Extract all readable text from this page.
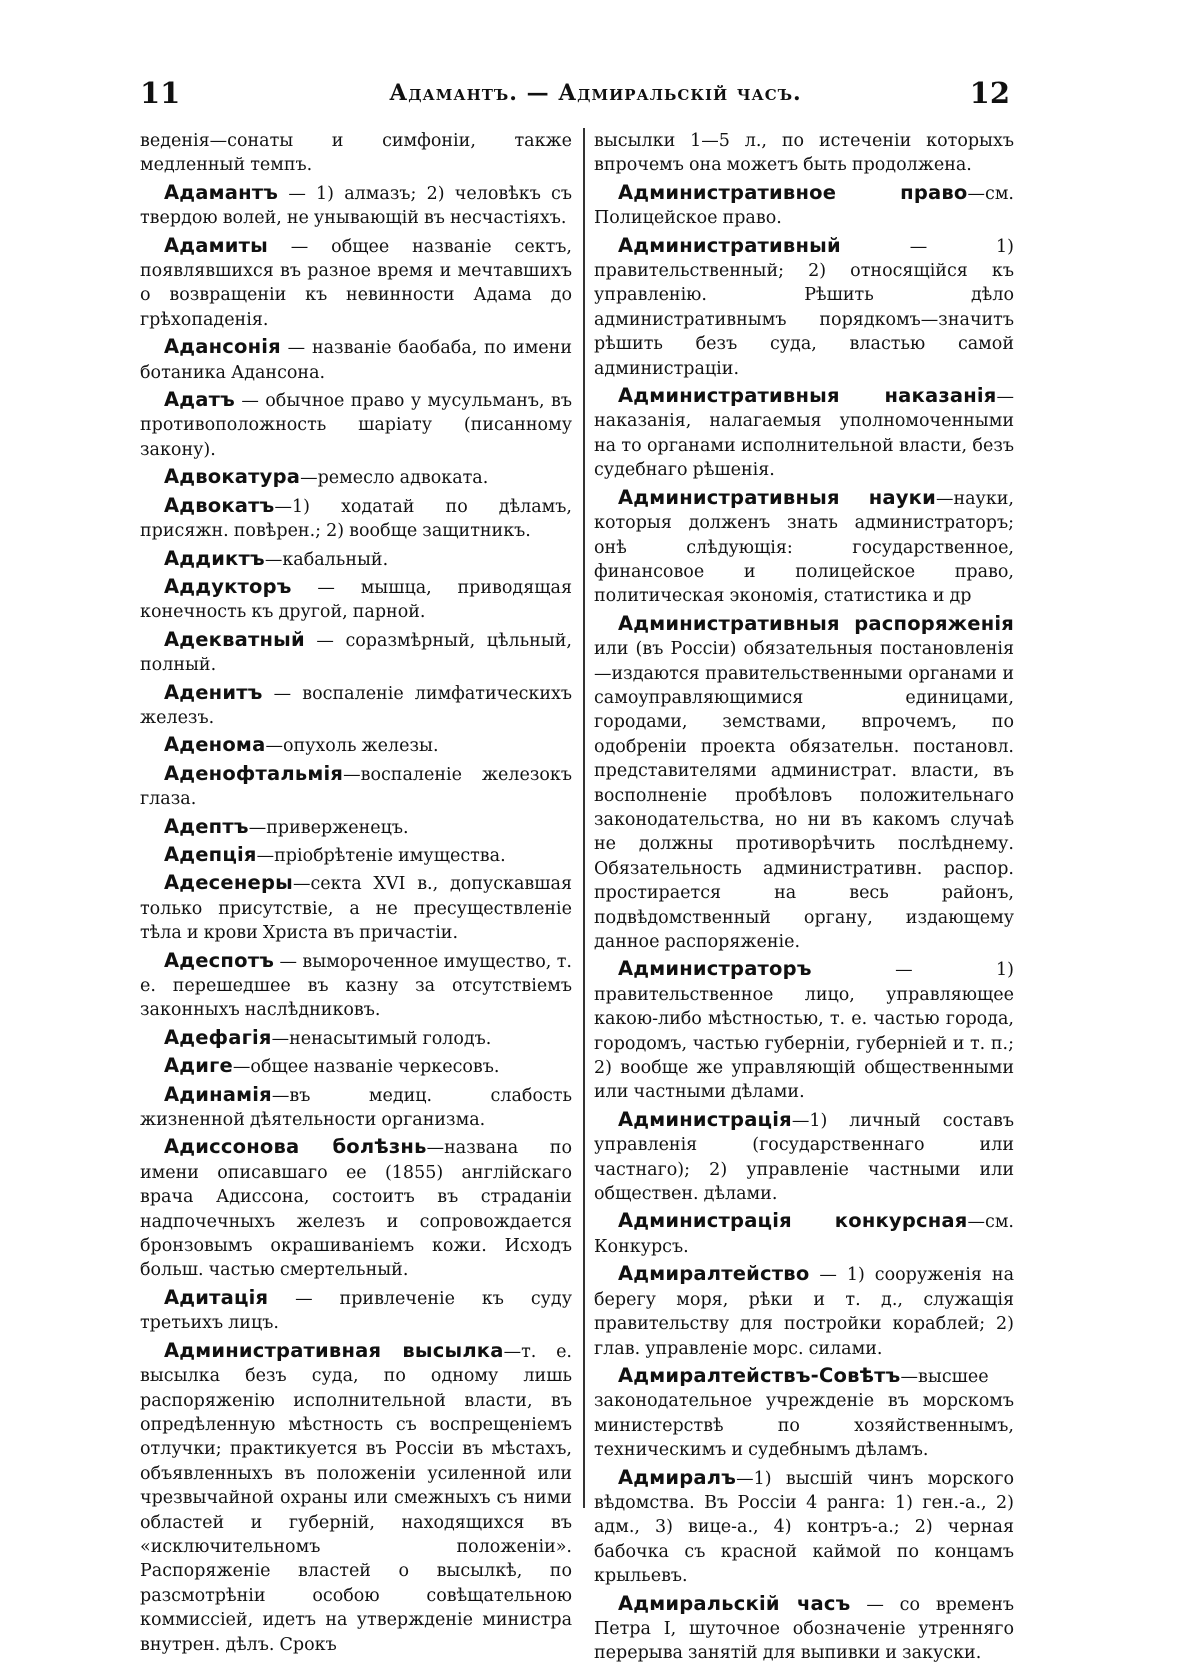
11	Адамантъ. — Адмиральскій часъ.	12

веденія—сонаты и симфоніи, также медленный темпъ.

Адамантъ — 1) алмазъ; 2) человѣкъ съ твердою волей, не унывающій въ несчастіяхъ.

Адамиты — общее названіе сектъ, появлявшихся въ разное время и мечтавшихъ о возвращеніи къ невинности Адама до грѣхопаденія.

Адансонія — названіе баобаба, по имени ботаника Адансона.

Адатъ — обычное право у мусульманъ, въ противоположность шаріату (писанному закону).

Адвокатура—ремесло адвоката.

Адвокатъ—1) ходатай по дѣламъ, присяжн. повѣрен.; 2) вообще защитникъ.

Аддиктъ—кабальный.

Аддукторъ — мышца, приводящая конечность къ другой, парной.

Адекватный — соразмѣрный, цѣльный, полный.

Аденитъ — воспаленіе лимфатическихъ железъ.

Аденома—опухоль железы.

Аденофтальмія—воспаленіе железокъ глаза.

Адептъ—приверженецъ.

Адепція—пріобрѣтеніе имущества.

Адесенеры—секта XVI в., допускавшая только присутствіе, а не пресуществленіе тѣла и крови Христа въ причастіи.

Адеспотъ — вымороченное имущество, т. е. перешедшее въ казну за отсутствіемъ законныхъ наслѣдниковъ.

Адефагія—ненасытимый голодъ.

Адиге—общее названіе черкесовъ.

Адинамія—въ медиц. слабость жизненной дѣятельности организма.

Адиссонова болѣзнь—названа по имени описавшаго ее (1855) англійскаго врача Адиссона, состоитъ въ страданіи надпочечныхъ железъ и сопровождается бронзовымъ окрашиваніемъ кожи. Исходъ больш. частью смертельный.

Адитація — привлеченіе къ суду третьихъ лицъ.

Административная высылка—т. е. высылка безъ суда, по одному лишь распоряженію исполнительной власти, въ опредѣленную мѣстность съ воспрещеніемъ отлучки; практикуется въ Россіи въ мѣстахъ, объявленныхъ въ положеніи усиленной или чрезвычайной охраны или смежныхъ съ ними областей и губерній, находящихся въ «исключительномъ положеніи». Распоряженіе властей о высылкѣ, по разсмотрѣніи особою совѣщательною коммиссіей, идетъ на утвержденіе министра внутрен. дѣлъ. Срокъ

высылки 1—5 л., по истеченіи которыхъ впрочемъ она можетъ быть продолжена.

Административное право—см. Полицейское право.

Административный — 1) правительственный; 2) относящійся къ управленію. Рѣшить дѣло административнымъ порядкомъ—значитъ рѣшить безъ суда, властью самой администраціи.

Административныя наказанія—наказанія, налагаемыя уполномоченными на то органами исполнительной власти, безъ судебнаго рѣшенія.

Административныя науки—науки, которыя долженъ знать администраторъ; онѣ слѣдующія: государственное, финансовое и полицейское право, политическая экономія, статистика и др

Административныя распоряженія или (въ Россіи) обязательныя постановленія—издаются правительственными органами и самоуправляющимися единицами, городами, земствами, впрочемъ, по одобреніи проекта обязательн. постановл. представителями администрат. власти, въ восполненіе пробѣловъ положительнаго законодательства, но ни въ какомъ случаѣ не должны противорѣчить послѣднему. Обязательность административн. распор. простирается на весь районъ, подвѣдомственный органу, издающему данное распоряженіе.

Администраторъ — 1) правительственное лицо, управляющее какою-либо мѣстностью, т. е. частью города, городомъ, частью губерніи, губерніей и т. п.; 2) вообще же управляющій общественными или частными дѣлами.

Администрація—1) личный составъ управленія (государственнаго или частнаго); 2) управленіе частными или обществен. дѣлами.

Администрація конкурсная—см. Конкурсъ.

Адмиралтейство — 1) сооруженія на берегу моря, рѣки и т. д., служащія правительству для постройки кораблей; 2) глав. управленіе морс. силами.

Адмиралтействъ-Совѣтъ—высшее законодательное учрежденіе въ морскомъ министерствѣ по хозяйственнымъ, техническимъ и судебнымъ дѣламъ.

Адмиралъ—1) высшій чинъ морского вѣдомства. Въ Россіи 4 ранга: 1) ген.-а., 2) адм., 3) вице-а., 4) контръ-а.; 2) черная бабочка съ красной каймой по концамъ крыльевъ.

Адмиральскій часъ — со временъ Петра I, шуточное обозначеніе утренняго перерыва занятій для выпивки и закуски.
